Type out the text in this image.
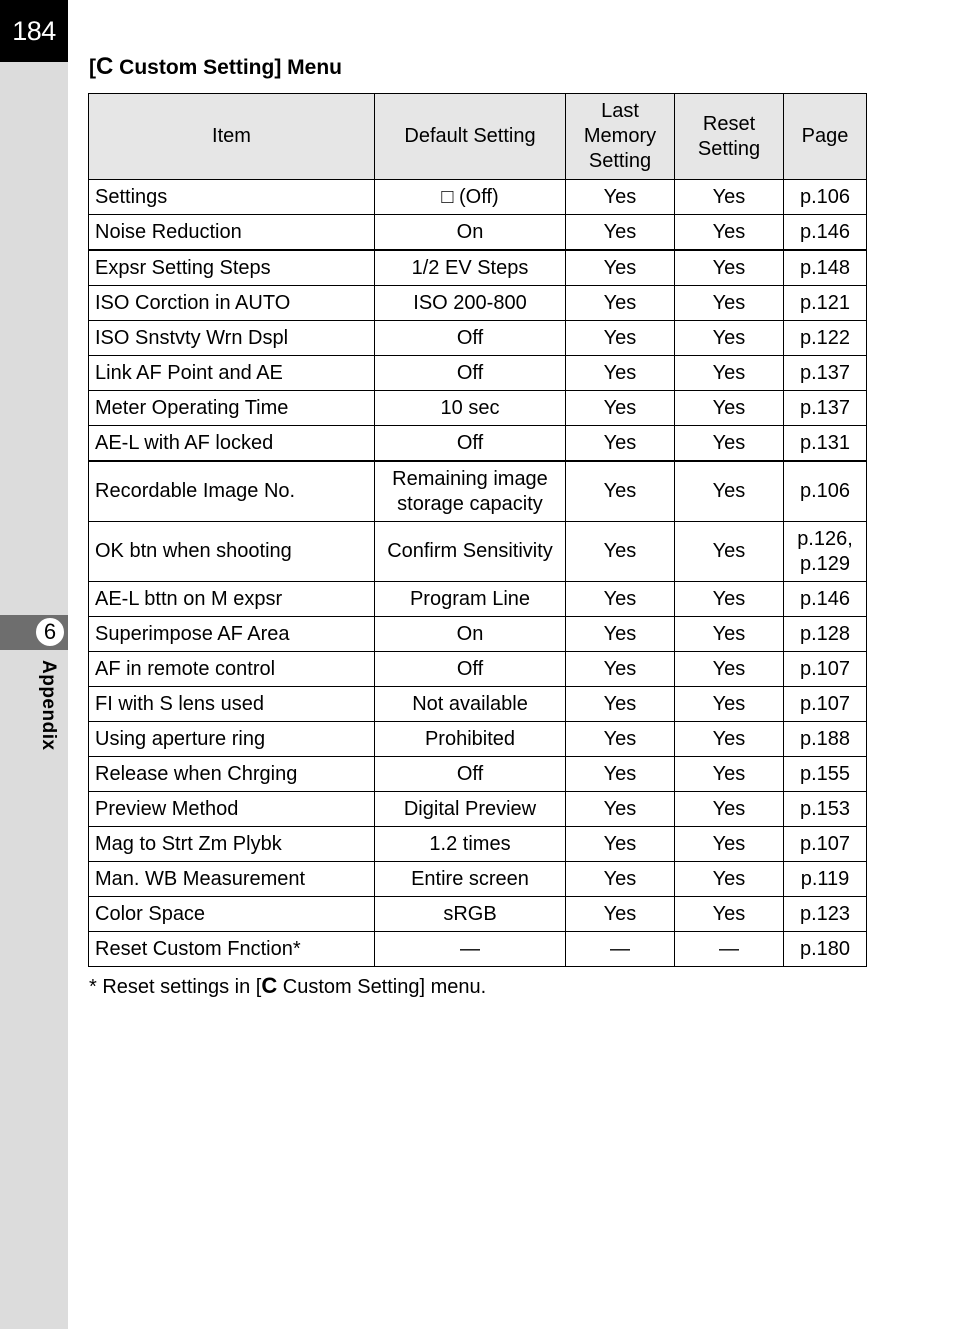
184
6
Appendix
[C Custom Setting] Menu
Item	Default Setting	Last Memory Setting	Reset Setting	Page
Settings	□ (Off)	Yes	Yes	p.106
Noise Reduction	On	Yes	Yes	p.146
Expsr Setting Steps	1/2 EV Steps	Yes	Yes	p.148
ISO Corction in AUTO	ISO 200-800	Yes	Yes	p.121
ISO Snstvty Wrn Dspl	Off	Yes	Yes	p.122
Link AF Point and AE	Off	Yes	Yes	p.137
Meter Operating Time	10 sec	Yes	Yes	p.137
AE-L with AF locked	Off	Yes	Yes	p.131
Recordable Image No.	Remaining image storage capacity	Yes	Yes	p.106
OK btn when shooting	Confirm Sensitivity	Yes	Yes	p.126, p.129
AE-L bttn on M expsr	Program Line	Yes	Yes	p.146
Superimpose AF Area	On	Yes	Yes	p.128
AF in remote control	Off	Yes	Yes	p.107
FI with S lens used	Not available	Yes	Yes	p.107
Using aperture ring	Prohibited	Yes	Yes	p.188
Release when Chrging	Off	Yes	Yes	p.155
Preview Method	Digital Preview	Yes	Yes	p.153
Mag to Strt Zm Plybk	1.2 times	Yes	Yes	p.107
Man. WB Measurement	Entire screen	Yes	Yes	p.119
Color Space	sRGB	Yes	Yes	p.123
Reset Custom Fnction*	—	—	—	p.180
* Reset settings in [C Custom Setting] menu.
